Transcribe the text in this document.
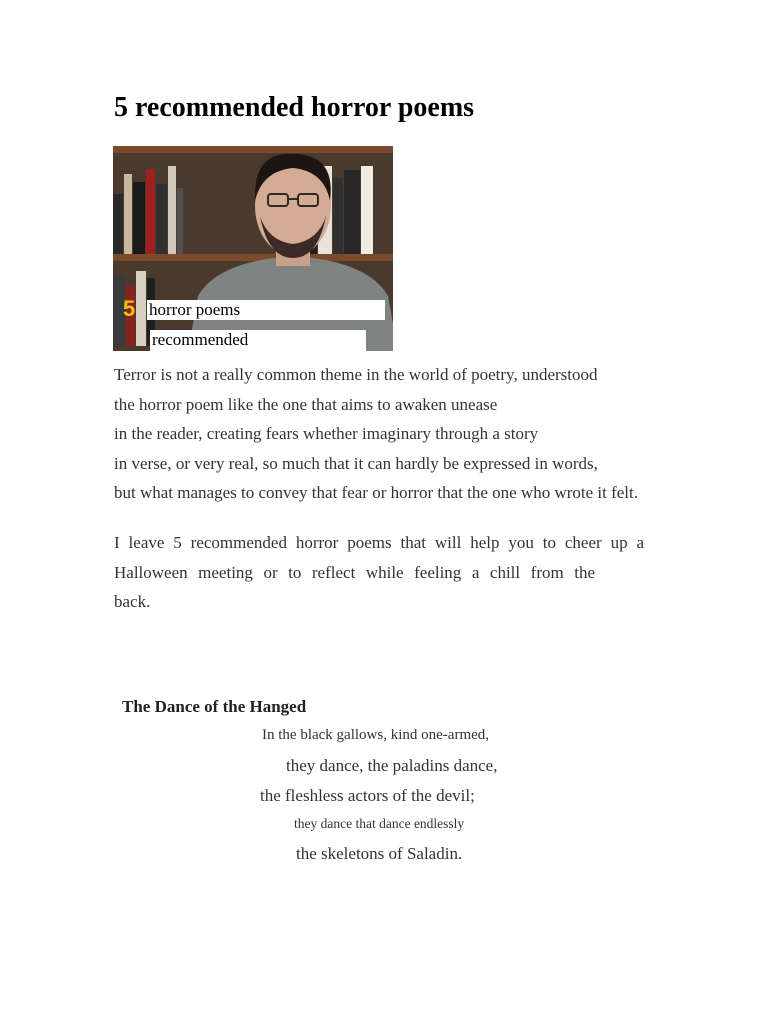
5 recommended horror poems
5 horror poems
recommended

Terror is not a really common theme in the world of poetry, understood

the horror poem like the one that aims to awaken unease

in the reader, creating fears whether imaginary through a story

in verse, or very real, so much that it can hardly be expressed in words,

but what manages to convey that fear or horror that the one who wrote it felt.

I leave 5 recommended horror poems that will help you to cheer up a

Halloween meeting or to reflect while feeling a chill from the

back.

The Dance of the Hanged
In the black gallows, kind one-armed,
they dance, the paladins dance,
the fleshless actors of the devil;
they dance that dance endlessly
the skeletons of Saladin.
